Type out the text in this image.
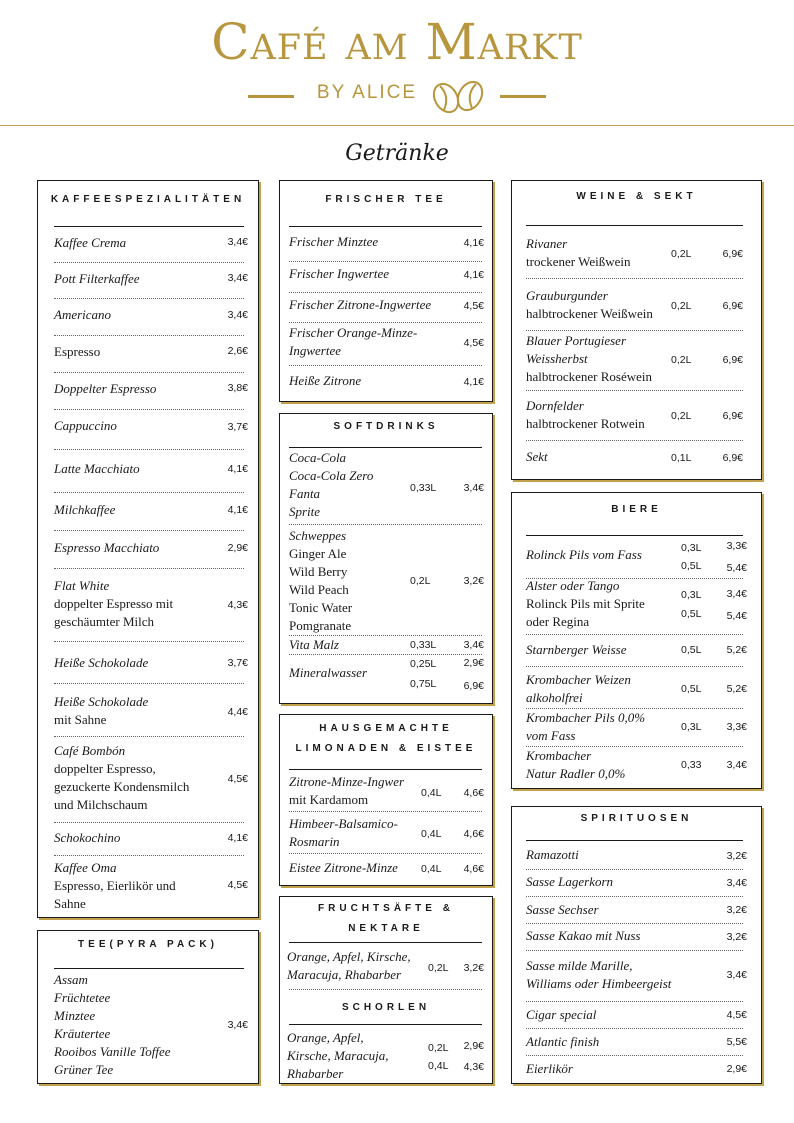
Café am Markt
BY ALICE
Getränke
KAFFEESPEZIALITÄTEN
Kaffee Crema	3,4€
Pott Filterkaffee	3,4€
Americano	3,4€
Espresso	2,6€
Doppelter Espresso	3,8€
Cappuccino	3,7€
Latte Macchiato	4,1€
Milchkaffee	4,1€
Espresso Macchiato	2,9€
Flat White
doppelter Espresso mit
geschäumter Milch
4,3€
Heiße Schokolade	3,7€
Heiße Schokolade
mit Sahne	4,4€
Café Bombón
doppelter Espresso,
gezuckerte Kondensmilch
und Milchschaum
4,5€
Schokochino	4,1€
Kaffee Oma
Espresso, Eierlikör und
Sahne
4,5€
TEE(PYRA PACK)
Assam
Früchtetee
Minztee
Kräutertee
Rooibos Vanille Toffee
Grüner Tee
3,4€
FRISCHER TEE
Frischer Minztee	4,1€
Frischer Ingwertee	4,1€
Frischer Zitrone-Ingwertee	4,5€
Frischer Orange-Minze-
Ingwertee	4,5€
Heiße Zitrone	4,1€
SOFTDRINKS
Coca-Cola
Coca-Cola Zero
Fanta
Sprite
0,33L	3,4€
Schweppes
Ginger Ale
Wild Berry
Wild Peach
Tonic Water
Pomgranate
0,2L	3,2€
Vita Malz	0,33L	3,4€
Mineralwasser
0,25L	2,9€
0,75L	6,9€
HAUSGEMACHTE
LIMONADEN & EISTEE
Zitrone-Minze-Ingwer
mit Kardamom	0,4L 4,6€
Himbeer-Balsamico-
Rosmarin	0,4L 4,6€
Eistee Zitrone-Minze 0,4L 4,6€
FRUCHTSÄFTE &
NEKTARE
Orange, Apfel, Kirsche,
Maracuja, Rhabarber	0,2L 3,2€
SCHORLEN
Orange, Apfel,
Kirsche, Maracuja,
Rhabarber
0,2L 2,9€
0,4L 4,3€
WEINE & SEKT
Rivaner
trockener Weißwein	0,2L	6,9€
Grauburgunder
halbtrockener Weißwein 0,2L	6,9€
Blauer Portugieser
Weissherbst
halbtrockener Roséwein
0,2L	6,9€
Dornfelder
halbtrockener Rotwein 0,2L	6,9€
Sekt	0,1L	6,9€
BIERE
Rolinck Pils vom Fass	0,3L 3,3€
0,5L 5,4€
Alster oder Tango
Rolinck Pils mit Sprite
oder Regina
0,3L 3,4€
0,5L 5,4€
Starnberger Weisse	0,5L 5,2€
Krombacher Weizen
alkoholfrei
0,5L 5,2€
Krombacher Pils 0,0%
vom Fass
0,3L 3,3€
Krombacher
Natur Radler 0,0%
0,33 3,4€
SPIRITUOSEN
Ramazotti	3,2€
Sasse Lagerkorn	3,4€
Sasse Sechser	3,2€
Sasse Kakao mit Nuss	3,2€
Sasse milde Marille,
Williams oder Himbeergeist
3,4€
Cigar special	4,5€
Atlantic finish	5,5€
Eierlikör	2,9€
